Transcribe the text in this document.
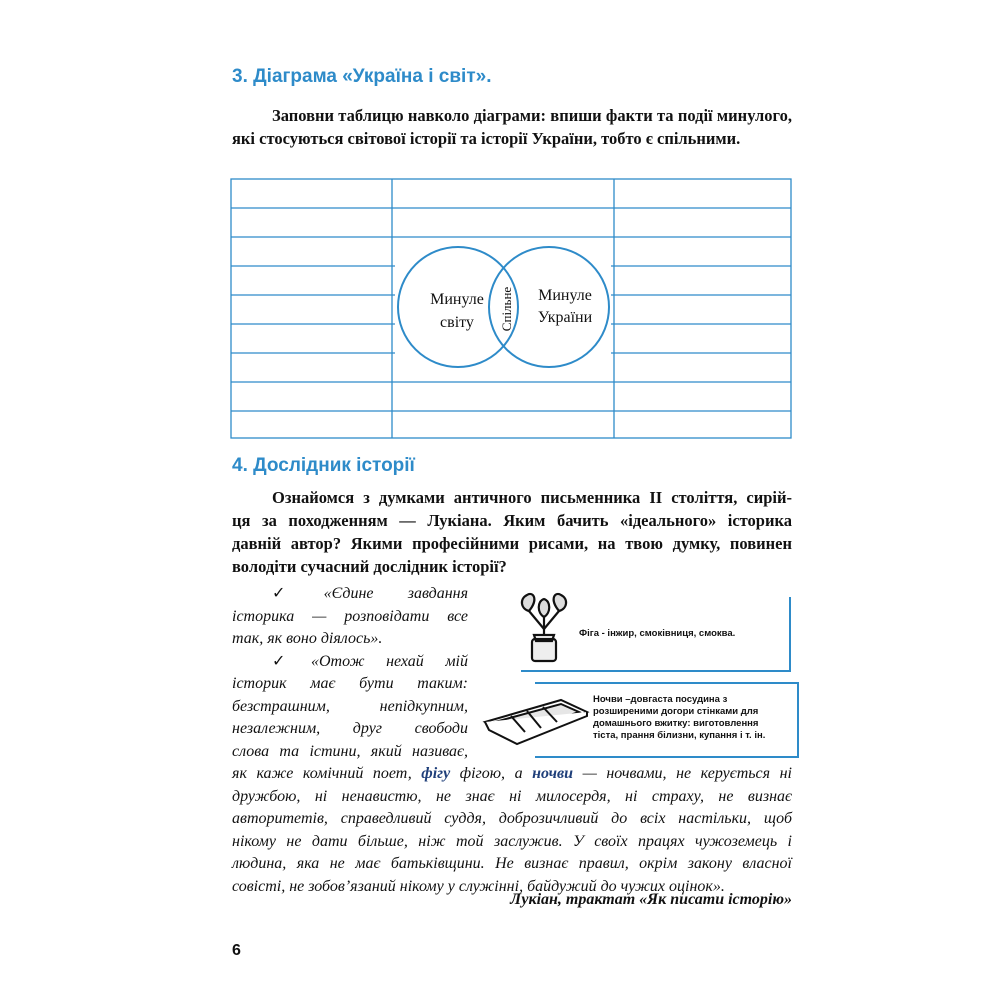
3. Діаграма «Україна і світ».
Заповни таблицю навколо діаграми: впиши факти та події минулого, які стосуються світової історії та історії України, тобто є спільними.
Минуле
світу
Минуле
України
Спільне
4. Дослідник історії
Ознайомся з думками античного письменника II століття, сирій-
ця за походженням — Лукіана. Яким бачить «ідеального» історика
давній автор? Якими професійними рисами, на твою думку, повинен
володіти сучасний дослідник історії?
✓ «Єдине завдання
історика — розповідати все
так, як воно діялось».
✓ «Отож нехай мій
історик має бути таким:
безстрашним, непідкупним,
незалежним, друг свободи
слова та істини, який називає,
Фіга - інжир, смоківниця, смоква.
Ночви –довгаста посудина з
розширеними догори стінками для
домашнього вжитку: виготовлення
тіста, прання білизни, купання і т. ін.
як каже комічний поет, фігу фігою, а ночви — ночвами, не керується ні
дружбою, ні ненавистю, не знає ні милосердя, ні страху, не визнає
авторитетів, справедливий суддя, доброзичливий до всіх настільки, щоб
нікому не дати більше, ніж той заслужив. У своїх працях чужоземець і
людина, яка не має батьківщини. Не визнає правил, окрім закону власної
совісті, не зобов’язаний нікому у служінні, байдужий до чужих оцінок».
Лукіан, трактат «Як писати історію»
6
